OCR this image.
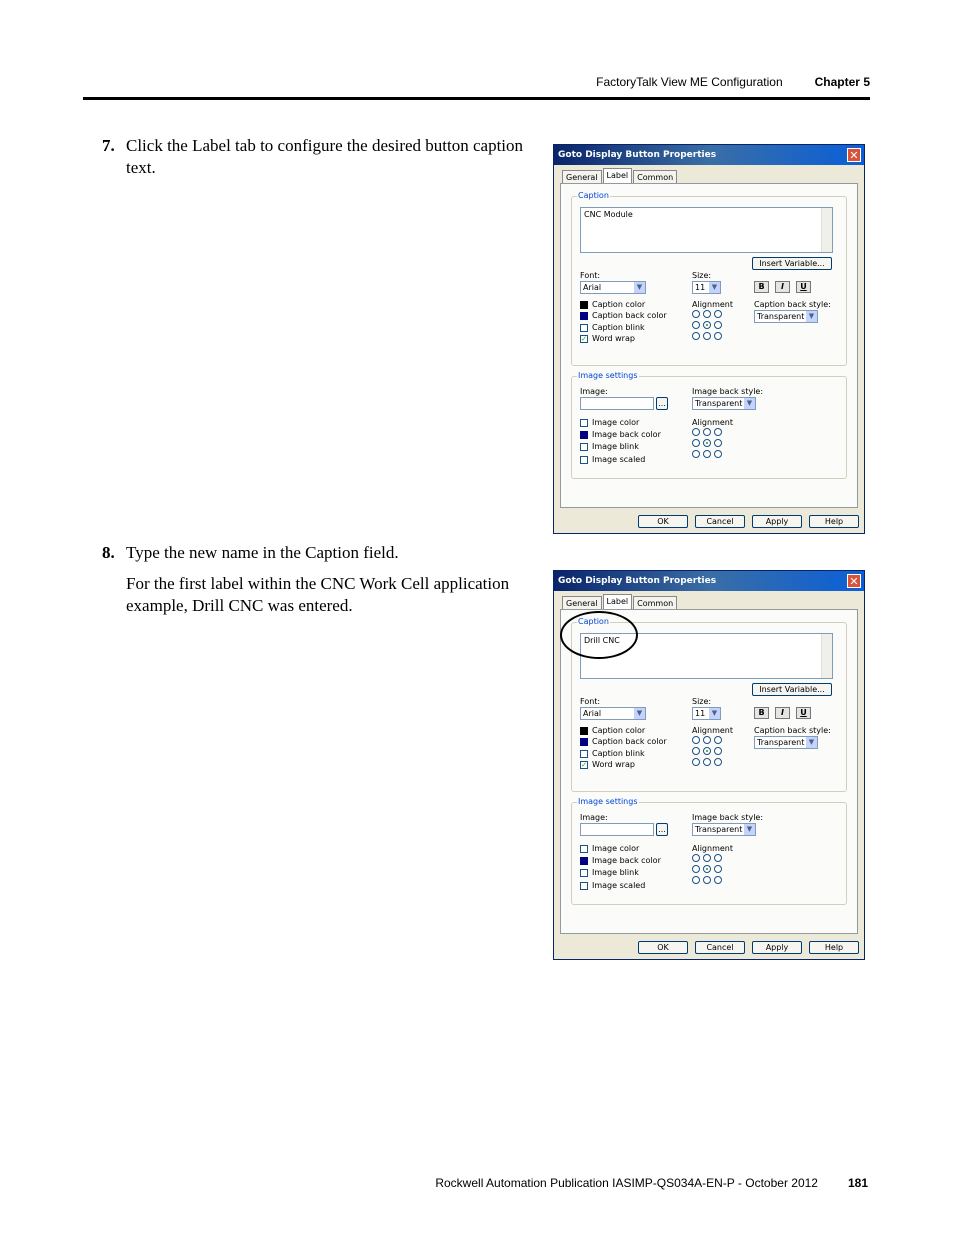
FactoryTalk View ME Configuration	Chapter 5
7. Click the Label tab to configure the desired button caption text.
8. Type the new name in the Caption field.
For the first label within the CNC Work Cell application example, Drill CNC was entered.
Goto Display Button Properties	✕
General	Label	Common
Caption
CNC Module
Insert Variable...
Font:
Arial	▼
Size:
11 ▼	B	I	U
Caption color
Caption back color
Caption blink
✓ Word wrap
Alignment	Caption back style:
Transparent ▼
Image settings
Image:
...
Image back style:
Transparent ▼
Image color
Image back color
Image blink
Image scaled
Alignment
OK	Cancel	Apply	Help
Goto Display Button Properties	✕
General	Label	Common
Caption
Drill CNC
Insert Variable...
Font:
Arial	▼
Size:
11 ▼	B	I	U
Caption color
Caption back color
Caption blink
✓ Word wrap
Alignment	Caption back style:
Transparent ▼
Image settings
Image:
...
Image back style:
Transparent ▼
Image color
Image back color
Image blink
Image scaled
Alignment
OK	Cancel	Apply	Help
Rockwell Automation Publication IASIMP-QS034A-EN-P - October 2012	181
